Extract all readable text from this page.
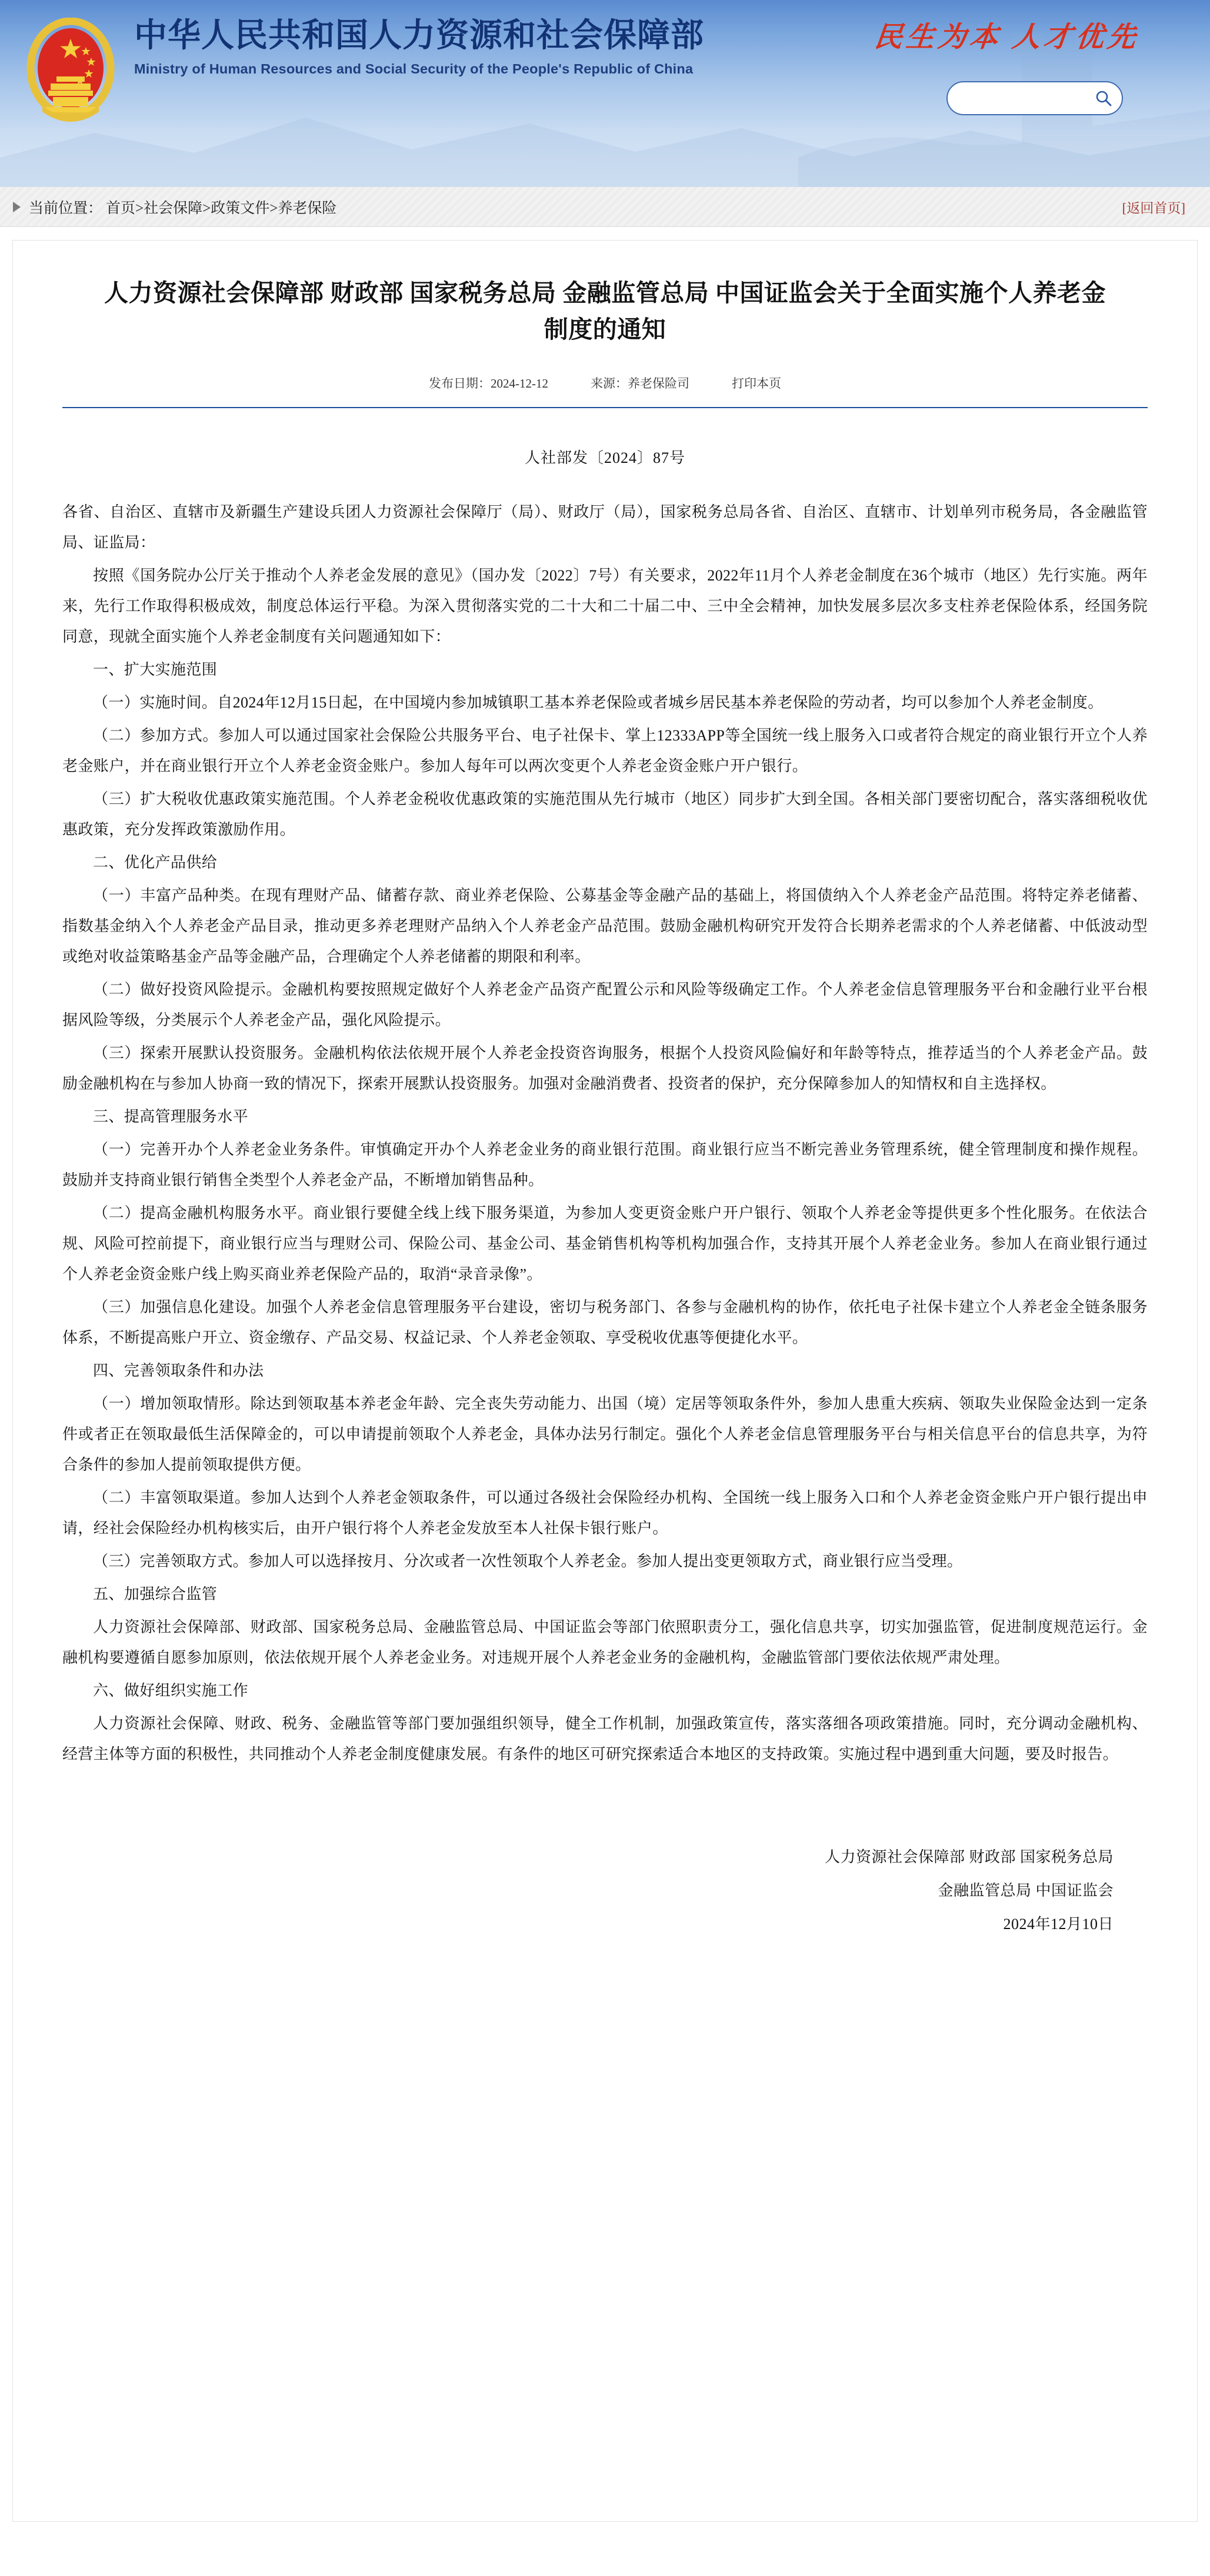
中华人民共和国人力资源和社会保障部
Ministry of Human Resources and Social Security of the People's Republic of China
民生为本 人才优先
当前位置： 首页>社会保障>政策文件>养老保险	[返回首页]
人力资源社会保障部 财政部 国家税务总局 金融监管总局 中国证监会关于全面实施个人养老金制度的通知
发布日期：2024-12-12	来源：养老保险司	打印本页
人社部发〔2024〕87号

各省、自治区、直辖市及新疆生产建设兵团人力资源社会保障厅（局）、财政厅（局），国家税务总局各省、自治区、直辖市、计划单列市税务局，各金融监管局、证监局：

按照《国务院办公厅关于推动个人养老金发展的意见》（国办发〔2022〕7号）有关要求，2022年11月个人养老金制度在36个城市（地区）先行实施。两年来，先行工作取得积极成效，制度总体运行平稳。为深入贯彻落实党的二十大和二十届二中、三中全会精神，加快发展多层次多支柱养老保险体系，经国务院同意，现就全面实施个人养老金制度有关问题通知如下：

一、扩大实施范围

（一）实施时间。自2024年12月15日起，在中国境内参加城镇职工基本养老保险或者城乡居民基本养老保险的劳动者，均可以参加个人养老金制度。

（二）参加方式。参加人可以通过国家社会保险公共服务平台、电子社保卡、掌上12333APP等全国统一线上服务入口或者符合规定的商业银行开立个人养老金账户，并在商业银行开立个人养老金资金账户。参加人每年可以两次变更个人养老金资金账户开户银行。

（三）扩大税收优惠政策实施范围。个人养老金税收优惠政策的实施范围从先行城市（地区）同步扩大到全国。各相关部门要密切配合，落实落细税收优惠政策，充分发挥政策激励作用。

二、优化产品供给

（一）丰富产品种类。在现有理财产品、储蓄存款、商业养老保险、公募基金等金融产品的基础上，将国债纳入个人养老金产品范围。将特定养老储蓄、指数基金纳入个人养老金产品目录，推动更多养老理财产品纳入个人养老金产品范围。鼓励金融机构研究开发符合长期养老需求的个人养老储蓄、中低波动型或绝对收益策略基金产品等金融产品，合理确定个人养老储蓄的期限和利率。

（二）做好投资风险提示。金融机构要按照规定做好个人养老金产品资产配置公示和风险等级确定工作。个人养老金信息管理服务平台和金融行业平台根据风险等级，分类展示个人养老金产品，强化风险提示。

（三）探索开展默认投资服务。金融机构依法依规开展个人养老金投资咨询服务，根据个人投资风险偏好和年龄等特点，推荐适当的个人养老金产品。鼓励金融机构在与参加人协商一致的情况下，探索开展默认投资服务。加强对金融消费者、投资者的保护，充分保障参加人的知情权和自主选择权。

三、提高管理服务水平

（一）完善开办个人养老金业务条件。审慎确定开办个人养老金业务的商业银行范围。商业银行应当不断完善业务管理系统，健全管理制度和操作规程。鼓励并支持商业银行销售全类型个人养老金产品，不断增加销售品种。

（二）提高金融机构服务水平。商业银行要健全线上线下服务渠道，为参加人变更资金账户开户银行、领取个人养老金等提供更多个性化服务。在依法合规、风险可控前提下，商业银行应当与理财公司、保险公司、基金公司、基金销售机构等机构加强合作，支持其开展个人养老金业务。参加人在商业银行通过个人养老金资金账户线上购买商业养老保险产品的，取消“录音录像”。

（三）加强信息化建设。加强个人养老金信息管理服务平台建设，密切与税务部门、各参与金融机构的协作，依托电子社保卡建立个人养老金全链条服务体系，不断提高账户开立、资金缴存、产品交易、权益记录、个人养老金领取、享受税收优惠等便捷化水平。

四、完善领取条件和办法

（一）增加领取情形。除达到领取基本养老金年龄、完全丧失劳动能力、出国（境）定居等领取条件外，参加人患重大疾病、领取失业保险金达到一定条件或者正在领取最低生活保障金的，可以申请提前领取个人养老金，具体办法另行制定。强化个人养老金信息管理服务平台与相关信息平台的信息共享，为符合条件的参加人提前领取提供方便。

（二）丰富领取渠道。参加人达到个人养老金领取条件，可以通过各级社会保险经办机构、全国统一线上服务入口和个人养老金资金账户开户银行提出申请，经社会保险经办机构核实后，由开户银行将个人养老金发放至本人社保卡银行账户。

（三）完善领取方式。参加人可以选择按月、分次或者一次性领取个人养老金。参加人提出变更领取方式，商业银行应当受理。

五、加强综合监管

人力资源社会保障部、财政部、国家税务总局、金融监管总局、中国证监会等部门依照职责分工，强化信息共享，切实加强监管，促进制度规范运行。金融机构要遵循自愿参加原则，依法依规开展个人养老金业务。对违规开展个人养老金业务的金融机构，金融监管部门要依法依规严肃处理。

六、做好组织实施工作

人力资源社会保障、财政、税务、金融监管等部门要加强组织领导，健全工作机制，加强政策宣传，落实落细各项政策措施。同时，充分调动金融机构、经营主体等方面的积极性，共同推动个人养老金制度健康发展。有条件的地区可研究探索适合本地区的支持政策。实施过程中遇到重大问题，要及时报告。

人力资源社会保障部 财政部 国家税务总局
金融监管总局 中国证监会
2024年12月10日
